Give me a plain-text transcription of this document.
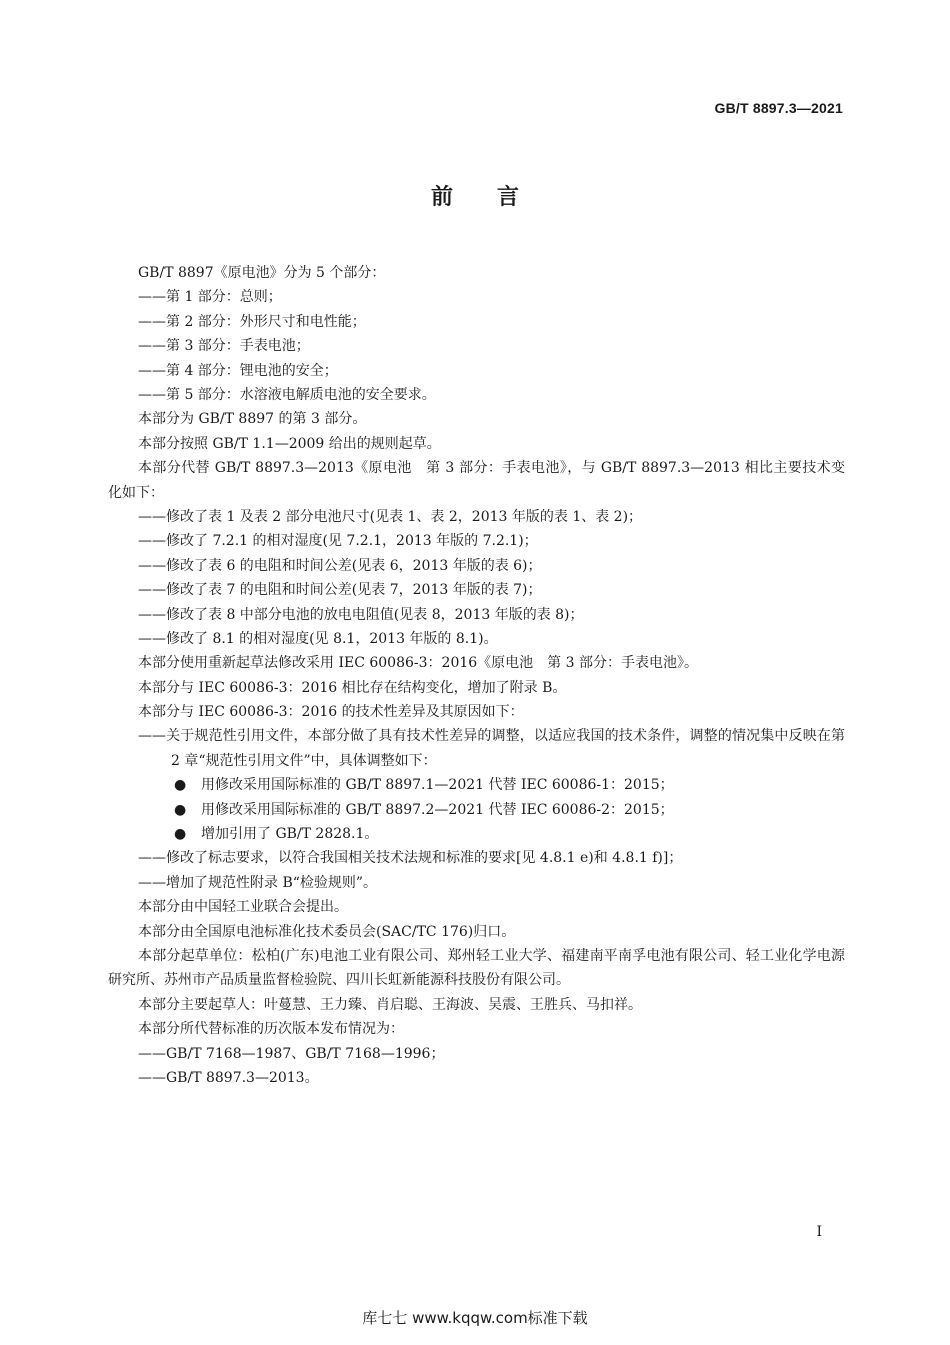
GB/T 8897.3—2021
前言
GB/T 8897《原电池》分为 5 个部分：
——第 1 部分：总则；
——第 2 部分：外形尺寸和电性能；
——第 3 部分：手表电池；
——第 4 部分：锂电池的安全；
——第 5 部分：水溶液电解质电池的安全要求。
本部分为 GB/T 8897 的第 3 部分。
本部分按照 GB/T 1.1—2009 给出的规则起草。
本部分代替 GB/T 8897.3—2013《原电池　第 3 部分：手表电池》，与 GB/T 8897.3—2013 相比主要技术变化如下：
——修改了表 1 及表 2 部分电池尺寸(见表 1、表 2，2013 年版的表 1、表 2)；
——修改了 7.2.1 的相对湿度(见 7.2.1，2013 年版的 7.2.1)；
——修改了表 6 的电阻和时间公差(见表 6，2013 年版的表 6)；
——修改了表 7 的电阻和时间公差(见表 7，2013 年版的表 7)；
——修改了表 8 中部分电池的放电电阻值(见表 8，2013 年版的表 8)；
——修改了 8.1 的相对湿度(见 8.1，2013 年版的 8.1)。
本部分使用重新起草法修改采用 IEC 60086-3：2016《原电池　第 3 部分：手表电池》。
本部分与 IEC 60086-3：2016 相比存在结构变化，增加了附录 B。
本部分与 IEC 60086-3：2016 的技术性差异及其原因如下：
——关于规范性引用文件，本部分做了具有技术性差异的调整，以适应我国的技术条件，调整的情况集中反映在第 2 章“规范性引用文件”中，具体调整如下：
● 用修改采用国际标准的 GB/T 8897.1—2021 代替 IEC 60086-1：2015；
● 用修改采用国际标准的 GB/T 8897.2—2021 代替 IEC 60086-2：2015；
● 增加引用了 GB/T 2828.1。
——修改了标志要求，以符合我国相关技术法规和标准的要求[见 4.8.1 e)和 4.8.1 f)]；
——增加了规范性附录 B“检验规则”。
本部分由中国轻工业联合会提出。
本部分由全国原电池标准化技术委员会(SAC/TC 176)归口。
本部分起草单位：松柏(广东)电池工业有限公司、郑州轻工业大学、福建南平南孚电池有限公司、轻工业化学电源研究所、苏州市产品质量监督检验院、四川长虹新能源科技股份有限公司。
本部分主要起草人：叶蔓慧、王力臻、肖启聪、王海波、吴震、王胜兵、马扣祥。
本部分所代替标准的历次版本发布情况为：
——GB/T 7168—1987、GB/T 7168—1996；
——GB/T 8897.3—2013。
I
库七七 www.kqqw.com标准下载
